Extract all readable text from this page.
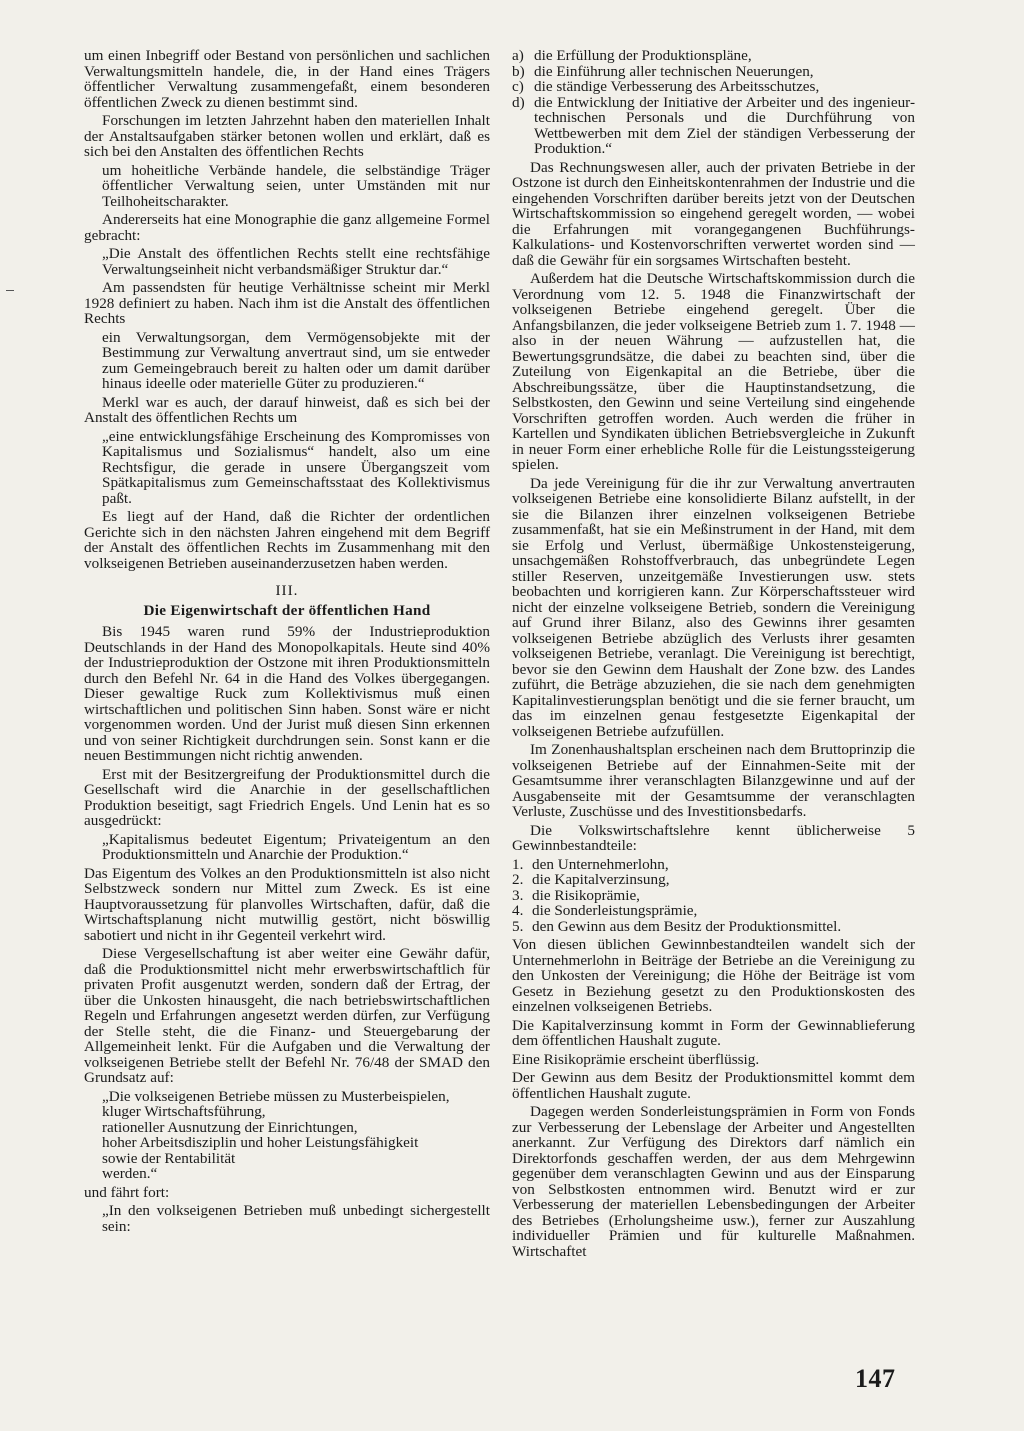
um einen Inbegriff oder Bestand von persönlichen und sachlichen Verwaltungsmitteln handele, die, in der Hand eines Trägers öffentlicher Verwaltung zusammengefaßt, einem besonderen öffentlichen Zweck zu dienen bestimmt sind.

Forschungen im letzten Jahrzehnt haben den materiellen Inhalt der Anstaltsaufgaben stärker betonen wollen und erklärt, daß es sich bei den Anstalten des öffentlichen Rechts

um hoheitliche Verbände handele, die selbständige Träger öffentlicher Verwaltung seien, unter Umständen mit nur Teilhoheitscharakter.

Andererseits hat eine Monographie die ganz allgemeine Formel gebracht:

„Die Anstalt des öffentlichen Rechts stellt eine rechtsfähige Verwaltungseinheit nicht verbandsmäßiger Struktur dar.“

Am passendsten für heutige Verhältnisse scheint mir Merkl 1928 definiert zu haben. Nach ihm ist die Anstalt des öffentlichen Rechts

ein Verwaltungsorgan, dem Vermögensobjekte mit der Bestimmung zur Verwaltung anvertraut sind, um sie entweder zum Gemeingebrauch bereit zu halten oder um damit darüber hinaus ideelle oder materielle Güter zu produzieren.“

Merkl war es auch, der darauf hinweist, daß es sich bei der Anstalt des öffentlichen Rechts um

„eine entwicklungsfähige Erscheinung des Kompromisses von Kapitalismus und Sozialismus“ handelt, also um eine Rechtsfigur, die gerade in unsere Übergangszeit vom Spätkapitalismus zum Gemeinschaftsstaat des Kollektivismus paßt.

Es liegt auf der Hand, daß die Richter der ordentlichen Gerichte sich in den nächsten Jahren eingehend mit dem Begriff der Anstalt des öffentlichen Rechts im Zusammenhang mit den volkseigenen Betrieben auseinanderzusetzen haben werden.

III.
Die Eigenwirtschaft der öffentlichen Hand

Bis 1945 waren rund 59% der Industrieproduktion Deutschlands in der Hand des Monopolkapitals. Heute sind 40% der Industrieproduktion der Ostzone mit ihren Produktionsmitteln durch den Befehl Nr. 64 in die Hand des Volkes übergegangen. Dieser gewaltige Ruck zum Kollektivismus muß einen wirtschaftlichen und politischen Sinn haben. Sonst wäre er nicht vorgenommen worden. Und der Jurist muß diesen Sinn erkennen und von seiner Richtigkeit durchdrungen sein. Sonst kann er die neuen Bestimmungen nicht richtig anwenden.

Erst mit der Besitzergreifung der Produktionsmittel durch die Gesellschaft wird die Anarchie in der gesellschaftlichen Produktion beseitigt, sagt Friedrich Engels. Und Lenin hat es so ausgedrückt:

„Kapitalismus bedeutet Eigentum; Privateigentum an den Produktionsmitteln und Anarchie der Produktion.“

Das Eigentum des Volkes an den Produktionsmitteln ist also nicht Selbstzweck sondern nur Mittel zum Zweck. Es ist eine Hauptvoraussetzung für planvolles Wirtschaften, dafür, daß die Wirtschaftsplanung nicht mutwillig gestört, nicht böswillig sabotiert und nicht in ihr Gegenteil verkehrt wird.

Diese Vergesellschaftung ist aber weiter eine Gewähr dafür, daß die Produktionsmittel nicht mehr erwerbswirtschaftlich für privaten Profit ausgenutzt werden, sondern daß der Ertrag, der über die Unkosten hinausgeht, die nach betriebswirtschaftlichen Regeln und Erfahrungen angesetzt werden dürfen, zur Verfügung der Stelle steht, die die Finanz- und Steuergebarung der Allgemeinheit lenkt. Für die Aufgaben und die Verwaltung der volkseigenen Betriebe stellt der Befehl Nr. 76/48 der SMAD den Grundsatz auf:

„Die volkseigenen Betriebe müssen zu Musterbeispielen,

kluger Wirtschaftsführung,

rationeller Ausnutzung der Einrichtungen,

hoher Arbeitsdisziplin und hoher Leistungsfähigkeit

sowie der Rentabilität

werden.“

und fährt fort:

„In den volkseigenen Betrieben muß unbedingt sichergestellt sein:

a) die Erfüllung der Produktionspläne,
b) die Einführung aller technischen Neuerungen,
c) die ständige Verbesserung des Arbeitsschutzes,
d) die Entwicklung der Initiative der Arbeiter und des ingenieur-technischen Personals und die Durchführung von Wettbewerben mit dem Ziel der ständigen Verbesserung der Produktion.“

Das Rechnungswesen aller, auch der privaten Betriebe in der Ostzone ist durch den Einheitskontenrahmen der Industrie und die eingehenden Vorschriften darüber bereits jetzt von der Deutschen Wirtschaftskommission so eingehend geregelt worden, — wobei die Erfahrungen mit vorangegangenen Buchführungs-Kalkulations- und Kostenvorschriften verwertet worden sind — daß die Gewähr für ein sorgsames Wirtschaften besteht.

Außerdem hat die Deutsche Wirtschaftskommission durch die Verordnung vom 12. 5. 1948 die Finanzwirtschaft der volkseigenen Betriebe eingehend geregelt. Über die Anfangsbilanzen, die jeder volkseigene Betrieb zum 1. 7. 1948 — also in der neuen Währung — aufzustellen hat, die Bewertungsgrundsätze, die dabei zu beachten sind, über die Zuteilung von Eigenkapital an die Betriebe, über die Abschreibungssätze, über die Hauptinstandsetzung, die Selbstkosten, den Gewinn und seine Verteilung sind eingehende Vorschriften getroffen worden. Auch werden die früher in Kartellen und Syndikaten üblichen Betriebsvergleiche in Zukunft in neuer Form einer erhebliche Rolle für die Leistungssteigerung spielen.

Da jede Vereinigung für die ihr zur Verwaltung anvertrauten volkseigenen Betriebe eine konsolidierte Bilanz aufstellt, in der sie die Bilanzen ihrer einzelnen volkseigenen Betriebe zusammenfaßt, hat sie ein Meßinstrument in der Hand, mit dem sie Erfolg und Verlust, übermäßige Unkostensteigerung, unsachgemäßen Rohstoffverbrauch, das unbegründete Legen stiller Reserven, unzeitgemäße Investierungen usw. stets beobachten und korrigieren kann. Zur Körperschaftssteuer wird nicht der einzelne volkseigene Betrieb, sondern die Vereinigung auf Grund ihrer Bilanz, also des Gewinns ihrer gesamten volkseigenen Betriebe abzüglich des Verlusts ihrer gesamten volkseigenen Betriebe, veranlagt. Die Vereinigung ist berechtigt, bevor sie den Gewinn dem Haushalt der Zone bzw. des Landes zuführt, die Beträge abzuziehen, die sie nach dem genehmigten Kapitalinvestierungsplan benötigt und die sie ferner braucht, um das im einzelnen genau festgesetzte Eigenkapital der volkseigenen Betriebe aufzufüllen.

Im Zonenhaushaltsplan erscheinen nach dem Bruttoprinzip die volkseigenen Betriebe auf der Einnahmen-Seite mit der Gesamtsumme ihrer veranschlagten Bilanzgewinne und auf der Ausgabenseite mit der Gesamtsumme der veranschlagten Verluste, Zuschüsse und des Investitionsbedarfs.

Die Volkswirtschaftslehre kennt üblicherweise 5 Gewinnbestandteile:

1. den Unternehmerlohn,
2. die Kapitalverzinsung,
3. die Risikoprämie,
4. die Sonderleistungsprämie,
5. den Gewinn aus dem Besitz der Produktionsmittel.

Von diesen üblichen Gewinnbestandteilen wandelt sich der Unternehmerlohn in Beiträge der Betriebe an die Vereinigung zu den Unkosten der Vereinigung; die Höhe der Beiträge ist vom Gesetz in Beziehung gesetzt zu den Produktionskosten des einzelnen volkseigenen Betriebs.

Die Kapitalverzinsung kommt in Form der Gewinnablieferung dem öffentlichen Haushalt zugute.

Eine Risikoprämie erscheint überflüssig.

Der Gewinn aus dem Besitz der Produktionsmittel kommt dem öffentlichen Haushalt zugute.

Dagegen werden Sonderleistungsprämien in Form von Fonds zur Verbesserung der Lebenslage der Arbeiter und Angestellten anerkannt. Zur Verfügung des Direktors darf nämlich ein Direktorfonds geschaffen werden, der aus dem Mehrgewinn gegenüber dem veranschlagten Gewinn und aus der Einsparung von Selbstkosten entnommen wird. Benutzt wird er zur Verbesserung der materiellen Lebensbedingungen der Arbeiter des Betriebes (Erholungsheime usw.), ferner zur Auszahlung individueller Prämien und für kulturelle Maßnahmen. Wirtschaftet

147
